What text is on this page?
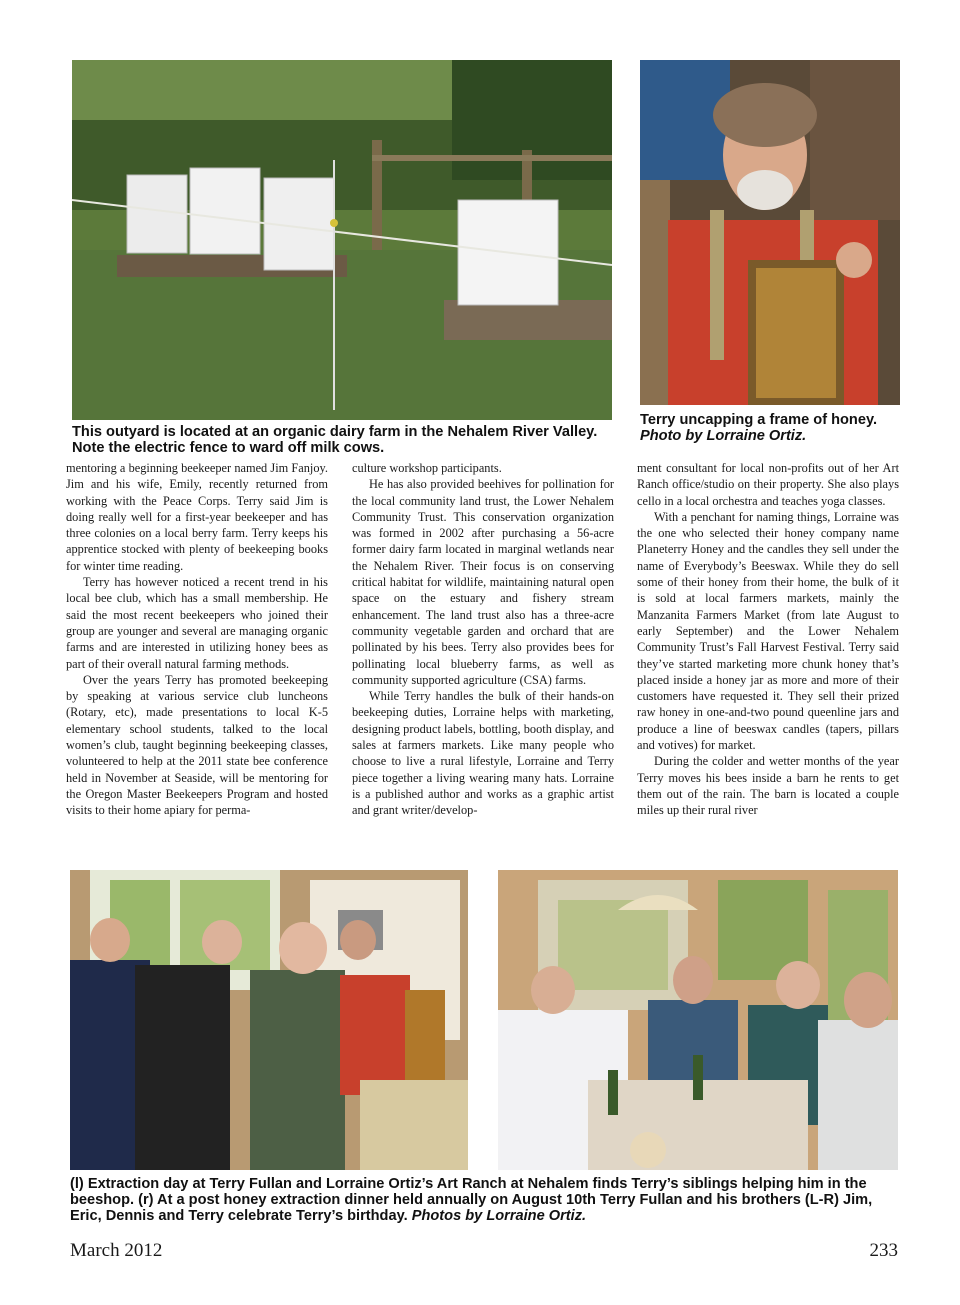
This outyard is located at an organic dairy farm in the Nehalem River Valley. Note the electric fence to ward off milk cows.
Terry uncapping a frame of honey. Photo by Lorraine Ortiz.

mentoring a beginning beekeeper named Jim Fanjoy. Jim and his wife, Emily, recently returned from working with the Peace Corps. Terry said Jim is doing really well for a first-year beekeeper and has three colonies on a local berry farm. Terry keeps his apprentice stocked with plenty of beekeeping books for winter time reading.

Terry has however noticed a recent trend in his local bee club, which has a small membership. He said the most recent beekeepers who joined their group are younger and several are managing organic farms and are interested in utilizing honey bees as part of their overall natural farming methods.

Over the years Terry has promoted beekeeping by speaking at various service club luncheons (Rotary, etc), made presentations to local K-5 elementary school students, talked to the local women’s club, taught beginning beekeeping classes, volunteered to help at the 2011 state bee conference held in November at Seaside, will be mentoring for the Oregon Master Beekeepers Program and hosted visits to their home apiary for perma-

culture workshop participants.

He has also provided beehives for pollination for the local community land trust, the Lower Nehalem Community Trust. This conservation organization was formed in 2002 after purchasing a 56-acre former dairy farm located in marginal wetlands near the Nehalem River. Their focus is on conserving critical habitat for wildlife, maintaining natural open space on the estuary and fishery stream enhancement. The land trust also has a three-acre community vegetable garden and orchard that are pollinated by his bees. Terry also provides bees for pollinating local blueberry farms, as well as community supported agriculture (CSA) farms.

While Terry handles the bulk of their hands-on beekeeping duties, Lorraine helps with marketing, designing product labels, bottling, booth display, and sales at farmers markets. Like many people who choose to live a rural lifestyle, Lorraine and Terry piece together a living wearing many hats. Lorraine is a published author and works as a graphic artist and grant writer/develop-

ment consultant for local non-profits out of her Art Ranch office/studio on their property. She also plays cello in a local orchestra and teaches yoga classes.

With a penchant for naming things, Lorraine was the one who selected their honey company name Planeterry Honey and the candles they sell under the name of Everybody’s Beeswax. While they do sell some of their honey from their home, the bulk of it is sold at local farmers markets, mainly the Manzanita Farmers Market (from late August to early September) and the Lower Nehalem Community Trust’s Fall Harvest Festival. Terry said they’ve started marketing more chunk honey that’s placed inside a honey jar as more and more of their customers have requested it. They sell their prized raw honey in one-and-two pound queenline jars and produce a line of beeswax candles (tapers, pillars and votives) for market.

During the colder and wetter months of the year Terry moves his bees inside a barn he rents to get them out of the rain. The barn is located a couple miles up their rural river

(l) Extraction day at Terry Fullan and Lorraine Ortiz’s Art Ranch at Nehalem finds Terry’s siblings helping him in the beeshop. (r) At a post honey extraction dinner held annually on August 10th Terry Fullan and his brothers (L-R) Jim, Eric, Dennis and Terry celebrate Terry’s birthday. Photos by Lorraine Ortiz.
March 2012	233
